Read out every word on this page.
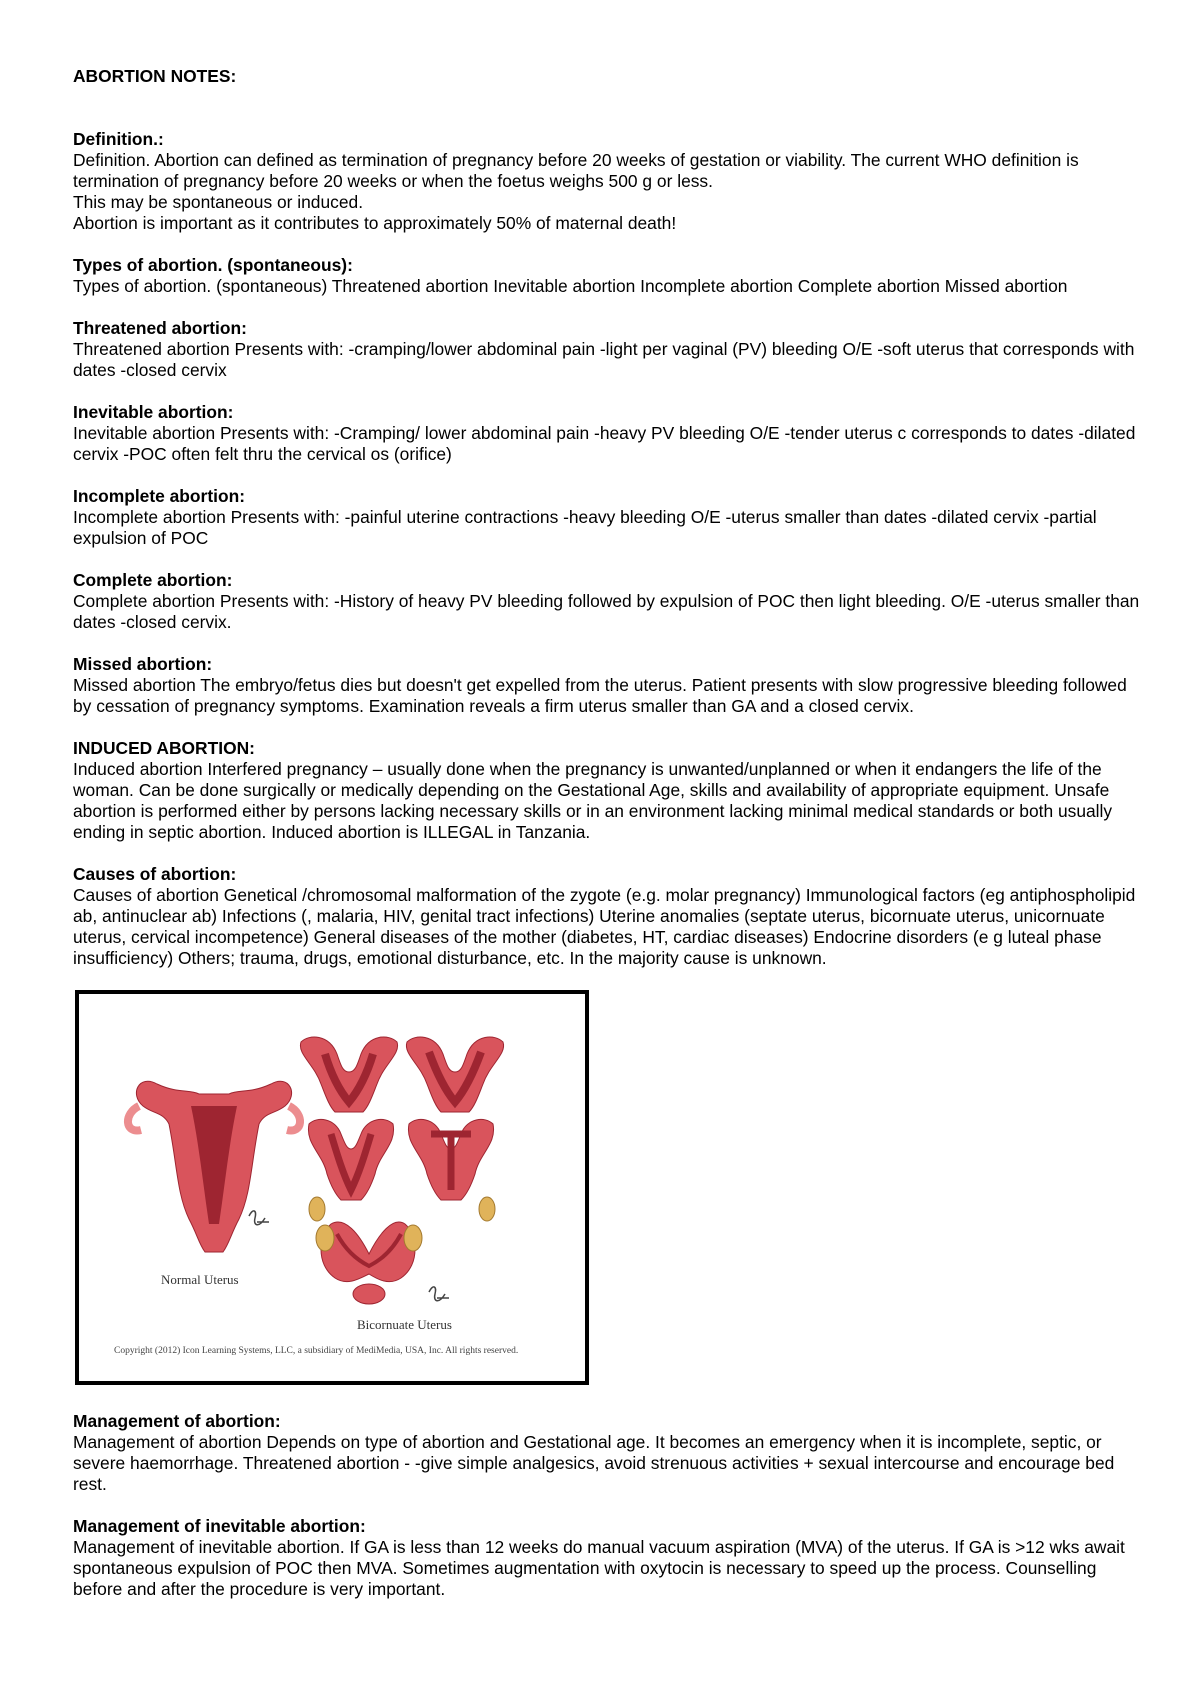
ABORTION NOTES:
Definition.:
Definition. Abortion can defined as termination of pregnancy before 20 weeks of gestation or viability. The current WHO definition is termination of pregnancy before 20 weeks or when the foetus weighs 500 g or less.
This may be spontaneous or induced.
Abortion is important as it contributes to approximately 50% of maternal death!
Types of abortion. (spontaneous):
Types of abortion. (spontaneous) Threatened abortion Inevitable abortion Incomplete abortion Complete abortion Missed abortion
Threatened abortion:
Threatened abortion Presents with: -cramping/lower abdominal pain -light per vaginal (PV) bleeding O/E -soft uterus that corresponds with dates -closed cervix
Inevitable abortion:
Inevitable abortion Presents with: -Cramping/ lower abdominal pain -heavy PV bleeding O/E -tender uterus c corresponds to dates -dilated cervix -POC often felt thru the cervical os (orifice)
Incomplete abortion:
Incomplete abortion Presents with: -painful uterine contractions -heavy bleeding O/E -uterus smaller than dates -dilated cervix -partial expulsion of POC
Complete abortion:
Complete abortion Presents with: -History of heavy PV bleeding followed by expulsion of POC then light bleeding. O/E -uterus smaller than dates -closed cervix.
Missed abortion:
Missed abortion The embryo/fetus dies but doesn't get expelled from the uterus. Patient presents with slow progressive bleeding followed by cessation of pregnancy symptoms. Examination reveals a firm uterus smaller than GA and a closed cervix.
INDUCED ABORTION:
Induced abortion Interfered pregnancy – usually done when the pregnancy is unwanted/unplanned or when it endangers the life of the woman. Can be done surgically or medically depending on the Gestational Age, skills and availability of appropriate equipment. Unsafe abortion is performed either by persons lacking necessary skills or in an environment lacking minimal medical standards or both usually ending in septic abortion. Induced abortion is ILLEGAL in Tanzania.
Causes of abortion:
Causes of abortion Genetical /chromosomal malformation of the zygote (e.g. molar pregnancy) Immunological factors (eg antiphospholipid ab, antinuclear ab) Infections (, malaria, HIV, genital tract infections) Uterine anomalies (septate uterus, bicornuate uterus, unicornuate uterus, cervical incompetence) General diseases of the mother (diabetes, HT, cardiac diseases) Endocrine disorders (e g luteal phase insufficiency) Others; trauma, drugs, emotional disturbance, etc. In the majority cause is unknown.
Normal Uterus
Bicornuate Uterus
Copyright (2012) Icon Learning Systems, LLC, a subsidiary of MediMedia, USA, Inc. All rights reserved.
Management of abortion:
Management of abortion Depends on type of abortion and Gestational age. It becomes an emergency when it is incomplete, septic, or severe haemorrhage. Threatened abortion - -give simple analgesics, avoid strenuous activities + sexual intercourse and encourage bed rest.
Management of inevitable abortion:
Management of inevitable abortion. If GA is less than 12 weeks do manual vacuum aspiration (MVA) of the uterus. If GA is >12 wks await spontaneous expulsion of POC then MVA. Sometimes augmentation with oxytocin is necessary to speed up the process. Counselling before and after the procedure is very important.
